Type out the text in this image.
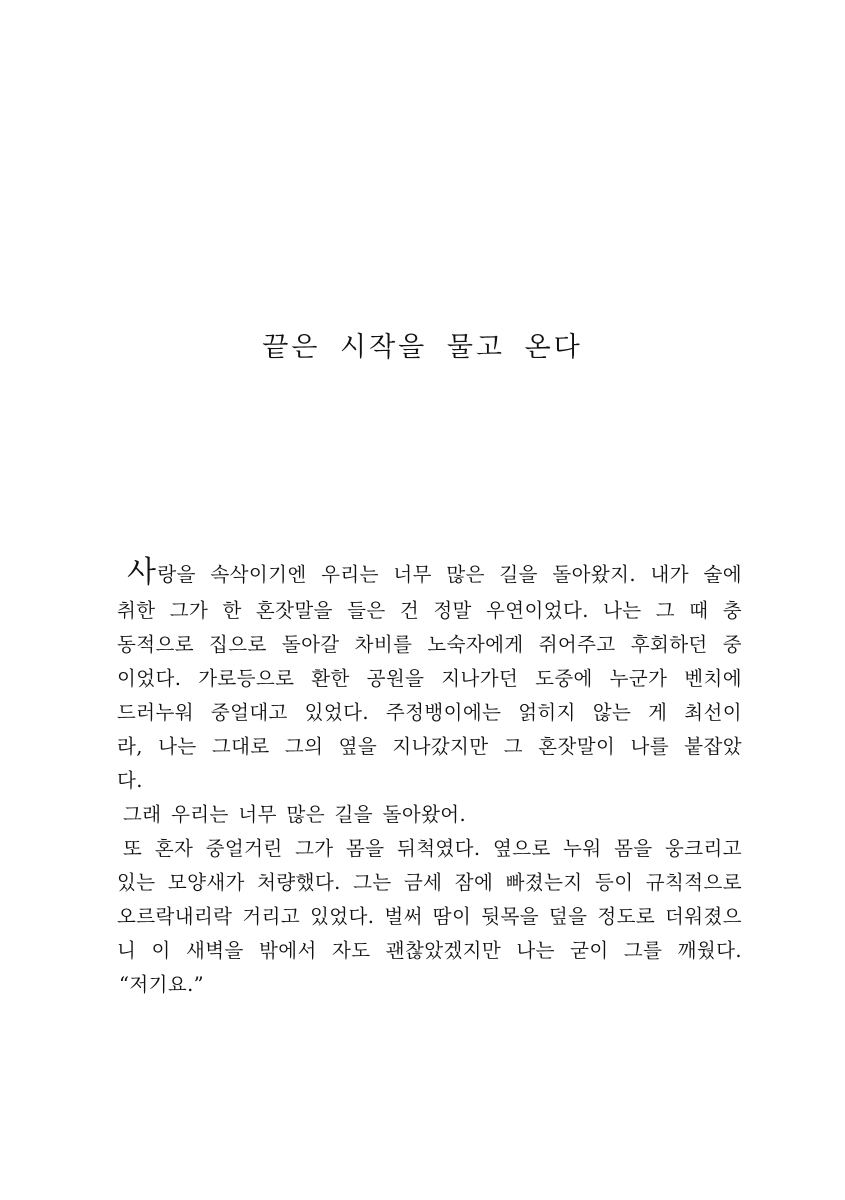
끝은 시작을 물고 온다
사랑을 속삭이기엔 우리는 너무 많은 길을 돌아왔지. 내가 술에
취한 그가 한 혼잣말을 들은 건 정말 우연이었다. 나는 그 때 충
동적으로 집으로 돌아갈 차비를 노숙자에게 쥐어주고 후회하던 중
이었다. 가로등으로 환한 공원을 지나가던 도중에 누군가 벤치에
드러누워 중얼대고 있었다. 주정뱅이에는 얽히지 않는 게 최선이
라, 나는 그대로 그의 옆을 지나갔지만 그 혼잣말이 나를 붙잡았
다.
그래 우리는 너무 많은 길을 돌아왔어.
또 혼자 중얼거린 그가 몸을 뒤척였다. 옆으로 누워 몸을 웅크리고
있는 모양새가 처량했다. 그는 금세 잠에 빠졌는지 등이 규칙적으로
오르락내리락 거리고 있었다. 벌써 땀이 뒷목을 덮을 정도로 더워졌으
니 이 새벽을 밖에서 자도 괜찮았겠지만 나는 굳이 그를 깨웠다.
“저기요.”
